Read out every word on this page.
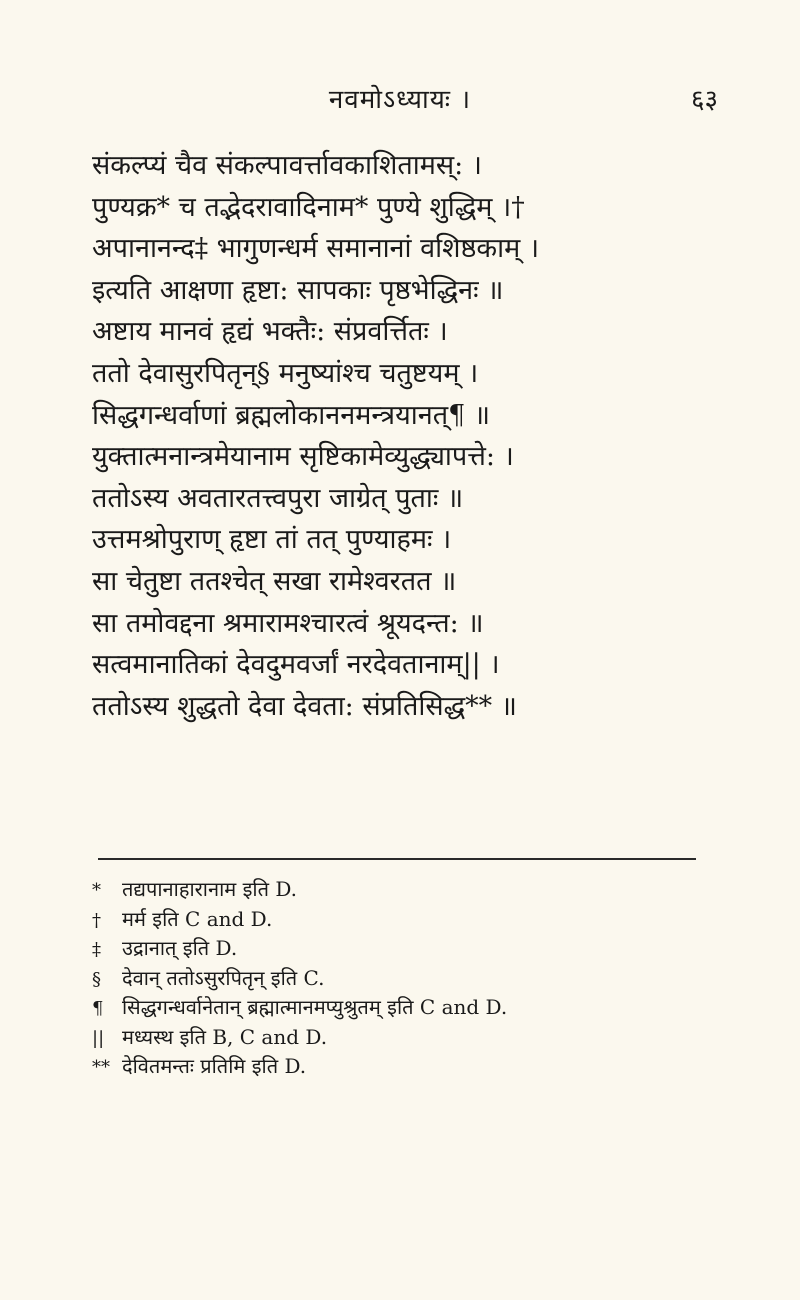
नवमोऽध्यायः ।	६३
संकल्प्यं चैव संकल्पावर्त्तावकाशितामस्: ।
पुण्यक्र* च तद्भेदरावादिनाम* पुण्ये शुद्धिम् ।†
अपानानन्द‡ भागुणन्धर्म समानानां वशिष्ठकाम् ।
इत्यति आक्षणा हृष्टा: सापकाः पृष्ठभेद्धिनः ॥
अष्टाय मानवं हृद्यं भक्तैः: संप्रवर्त्तितः ।
ततो देवासुरपितृन्§ मनुष्यांश्च चतुष्टयम् ।
सिद्धगन्धर्वाणां ब्रह्मलोकाननमन्त्रयानत्¶ ॥
युक्तात्मनान्त्रमेयानाम सृष्टिकामेव्युद्ध्यापत्ते: ।
ततोऽस्य अवतारतत्त्वपुरा जाग्रेत् पुताः ॥
उत्तमश्रोपुराण् हृष्टा तां तत् पुण्याहमः ।
सा चेतुष्टा ततश्चेत् सखा रामेश्वरतत ॥
सा तमोवद्दना श्रमारामश्चारत्वं श्रूयदन्त: ॥
सत्वमानातिकां देवदुमवर्जां नरदेवतानाम्|| ।
ततोऽस्य शुद्धतो देवा देवता: संप्रतिसिद्ध** ॥
*	तद्यपानाहारानाम इति D.
†	मर्म इति C and D.
‡	उद्रानात् इति D.
§	देवान् ततोऽसुरपितृन् इति C.
¶ सिद्धगन्धर्वानेतान् ब्रह्मात्मानमप्युश्रुतम् इति C and D.
|| मध्यस्थ इति B, C and D.
** देवितमन्तः प्रतिमि इति D.
